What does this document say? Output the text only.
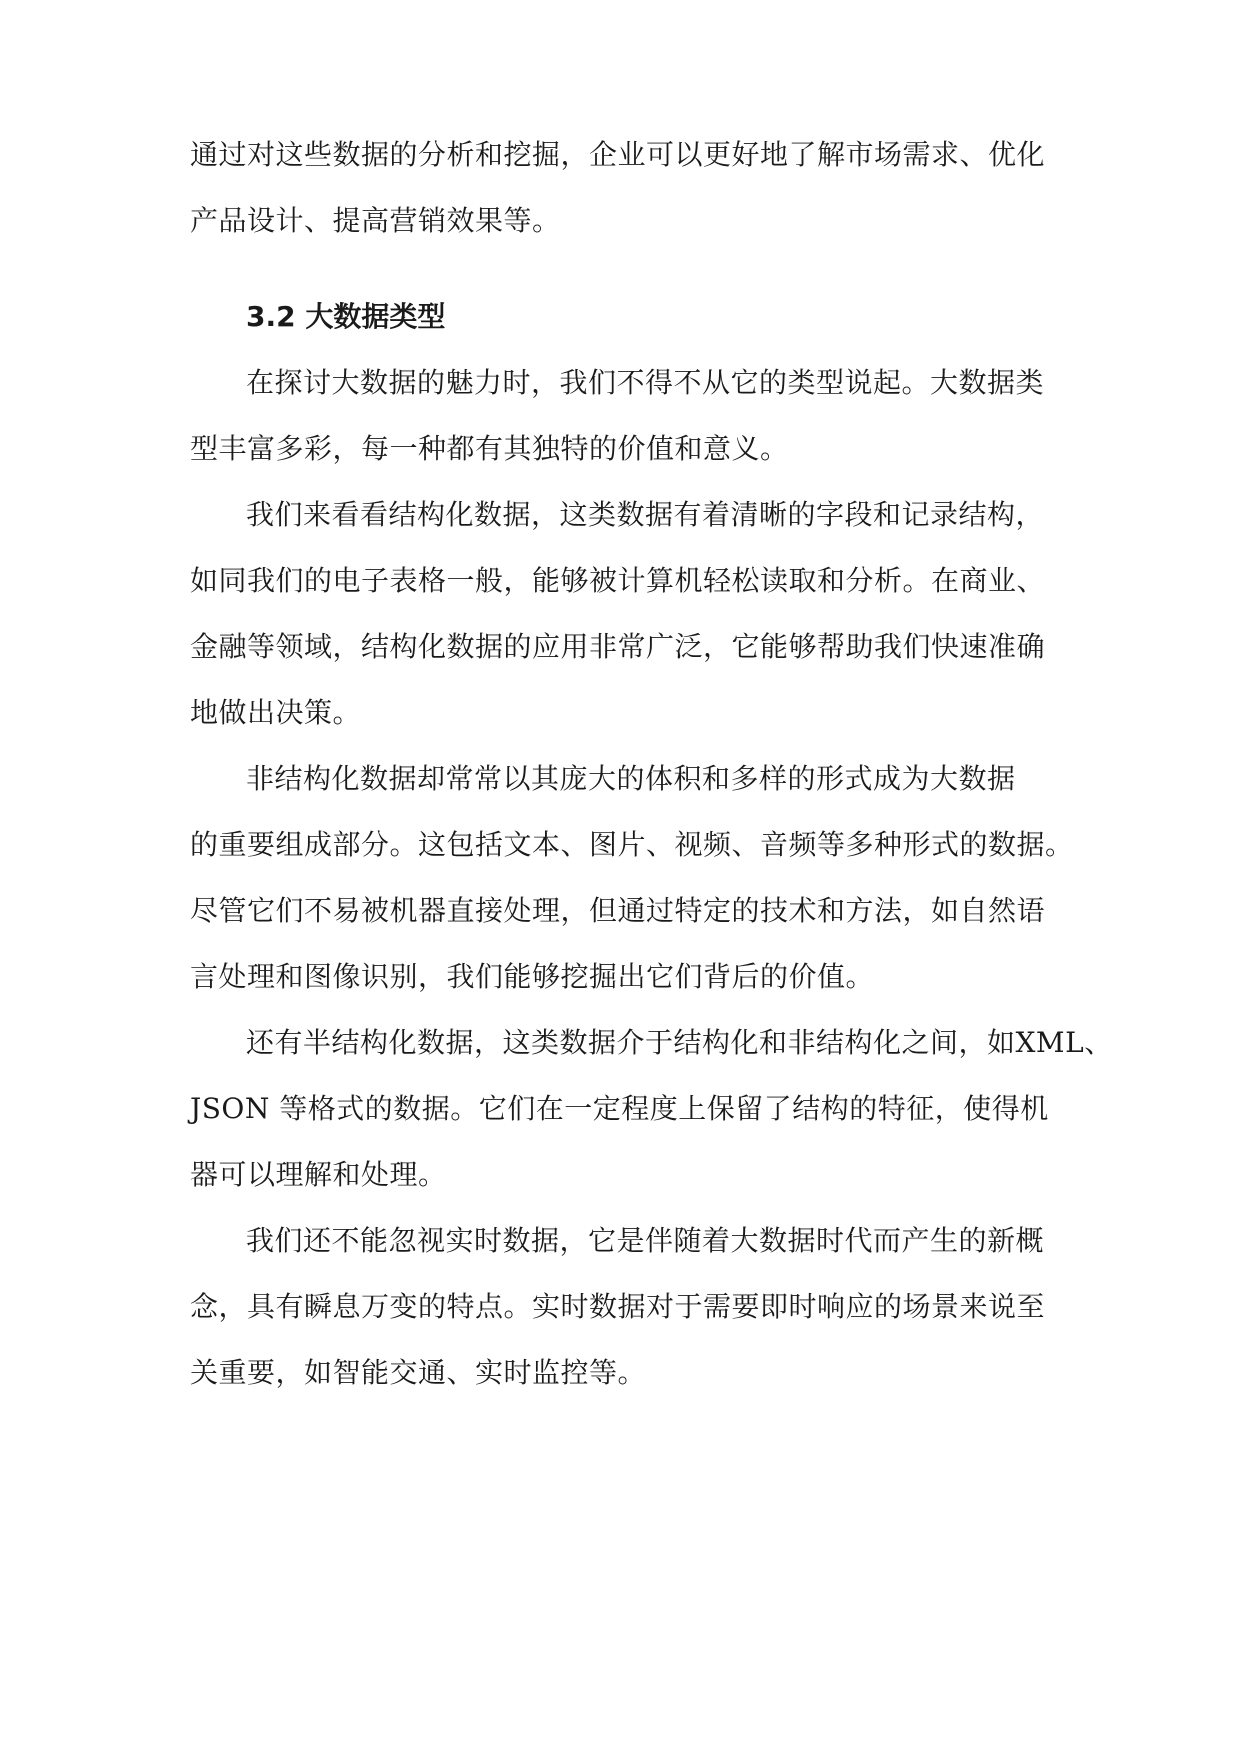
通过对这些数据的分析和挖掘，企业可以更好地了解市场需求、优化

产品设计、提高营销效果等。

3.2 大数据类型

在探讨大数据的魅力时，我们不得不从它的类型说起。大数据类

型丰富多彩，每一种都有其独特的价值和意义。

我们来看看结构化数据，这类数据有着清晰的字段和记录结构，

如同我们的电子表格一般，能够被计算机轻松读取和分析。在商业、

金融等领域，结构化数据的应用非常广泛，它能够帮助我们快速准确

地做出决策。

非结构化数据却常常以其庞大的体积和多样的形式成为大数据

的重要组成部分。这包括文本、图片、视频、音频等多种形式的数据。

尽管它们不易被机器直接处理，但通过特定的技术和方法，如自然语

言处理和图像识别，我们能够挖掘出它们背后的价值。

还有半结构化数据，这类数据介于结构化和非结构化之间，如XML、

JSON 等格式的数据。它们在一定程度上保留了结构的特征，使得机

器可以理解和处理。

我们还不能忽视实时数据，它是伴随着大数据时代而产生的新概

念，具有瞬息万变的特点。实时数据对于需要即时响应的场景来说至

关重要，如智能交通、实时监控等。
